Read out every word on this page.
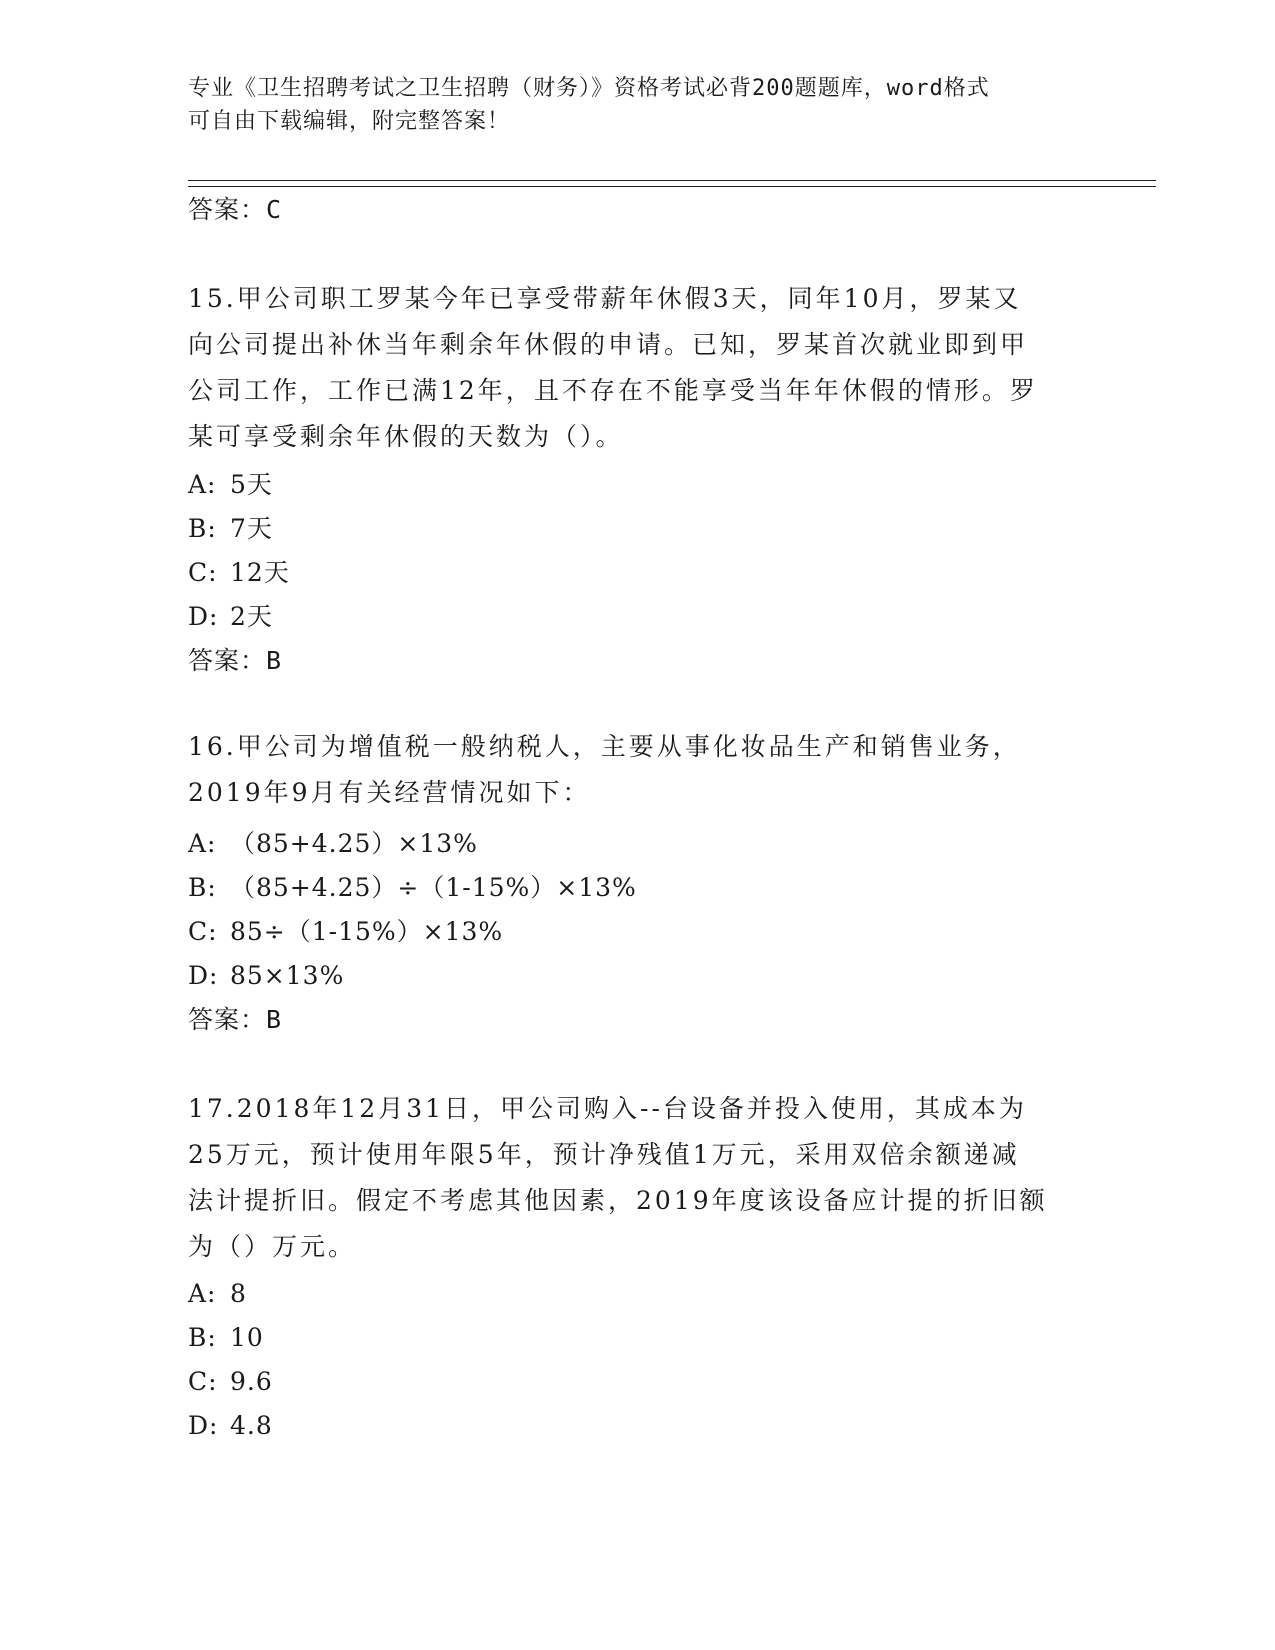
专业《卫生招聘考试之卫生招聘（财务）》资格考试必背200题题库，word格式
可自由下载编辑，附完整答案！
答案：C
15.甲公司职工罗某今年已享受带薪年休假3天，同年10月，罗某又
向公司提出补休当年剩余年休假的申请。已知，罗某首次就业即到甲
公司工作，工作已满12年，且不存在不能享受当年年休假的情形。罗
某可享受剩余年休假的天数为（）。
A: 5天
B: 7天
C: 12天
D: 2天
答案：B
16.甲公司为增值税一般纳税人，主要从事化妆品生产和销售业务，
2019年9月有关经营情况如下：
A: （85+4.25）×13%
B: （85+4.25）÷（1-15%）×13%
C: 85÷（1-15%）×13%
D: 85×13%
答案：B
17.2018年12月31日，甲公司购入--台设备并投入使用，其成本为
25万元，预计使用年限5年，预计净残值1万元，采用双倍余额递减
法计提折旧。假定不考虑其他因素，2019年度该设备应计提的折旧额
为（）万元。
A: 8
B: 10
C: 9.6
D: 4.8
